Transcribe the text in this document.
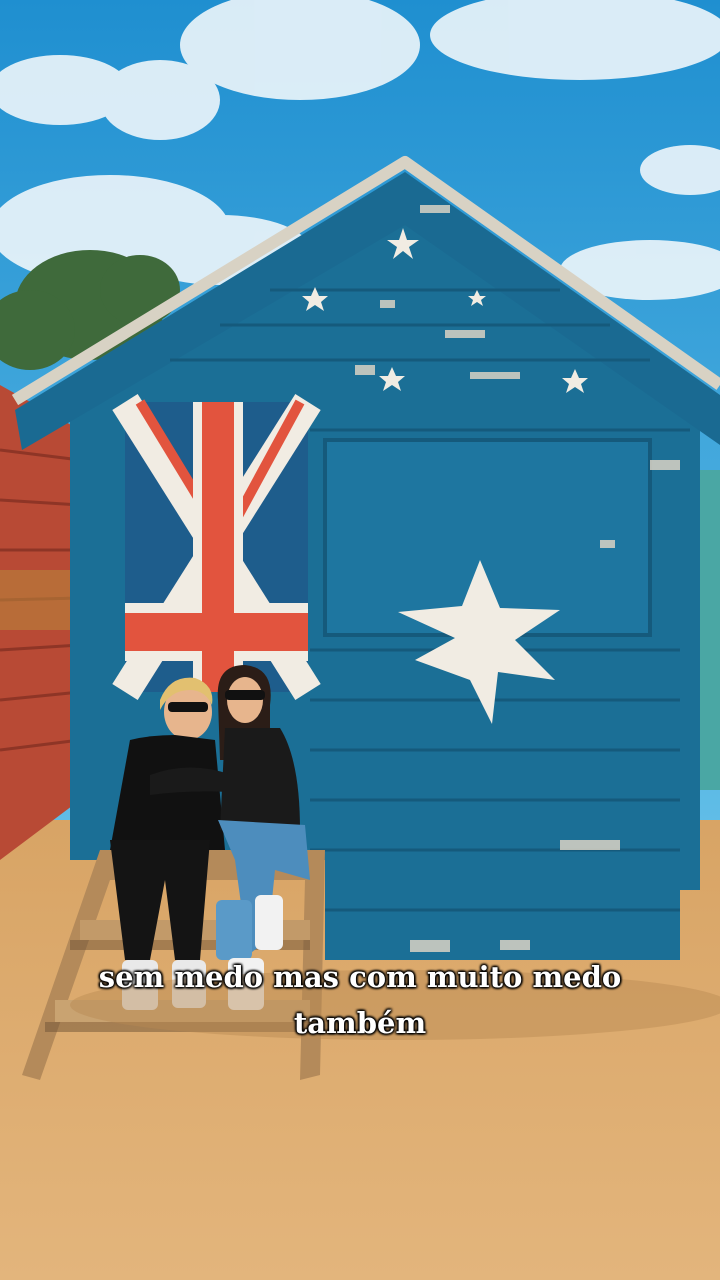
sem medo mas com muito medo
também
